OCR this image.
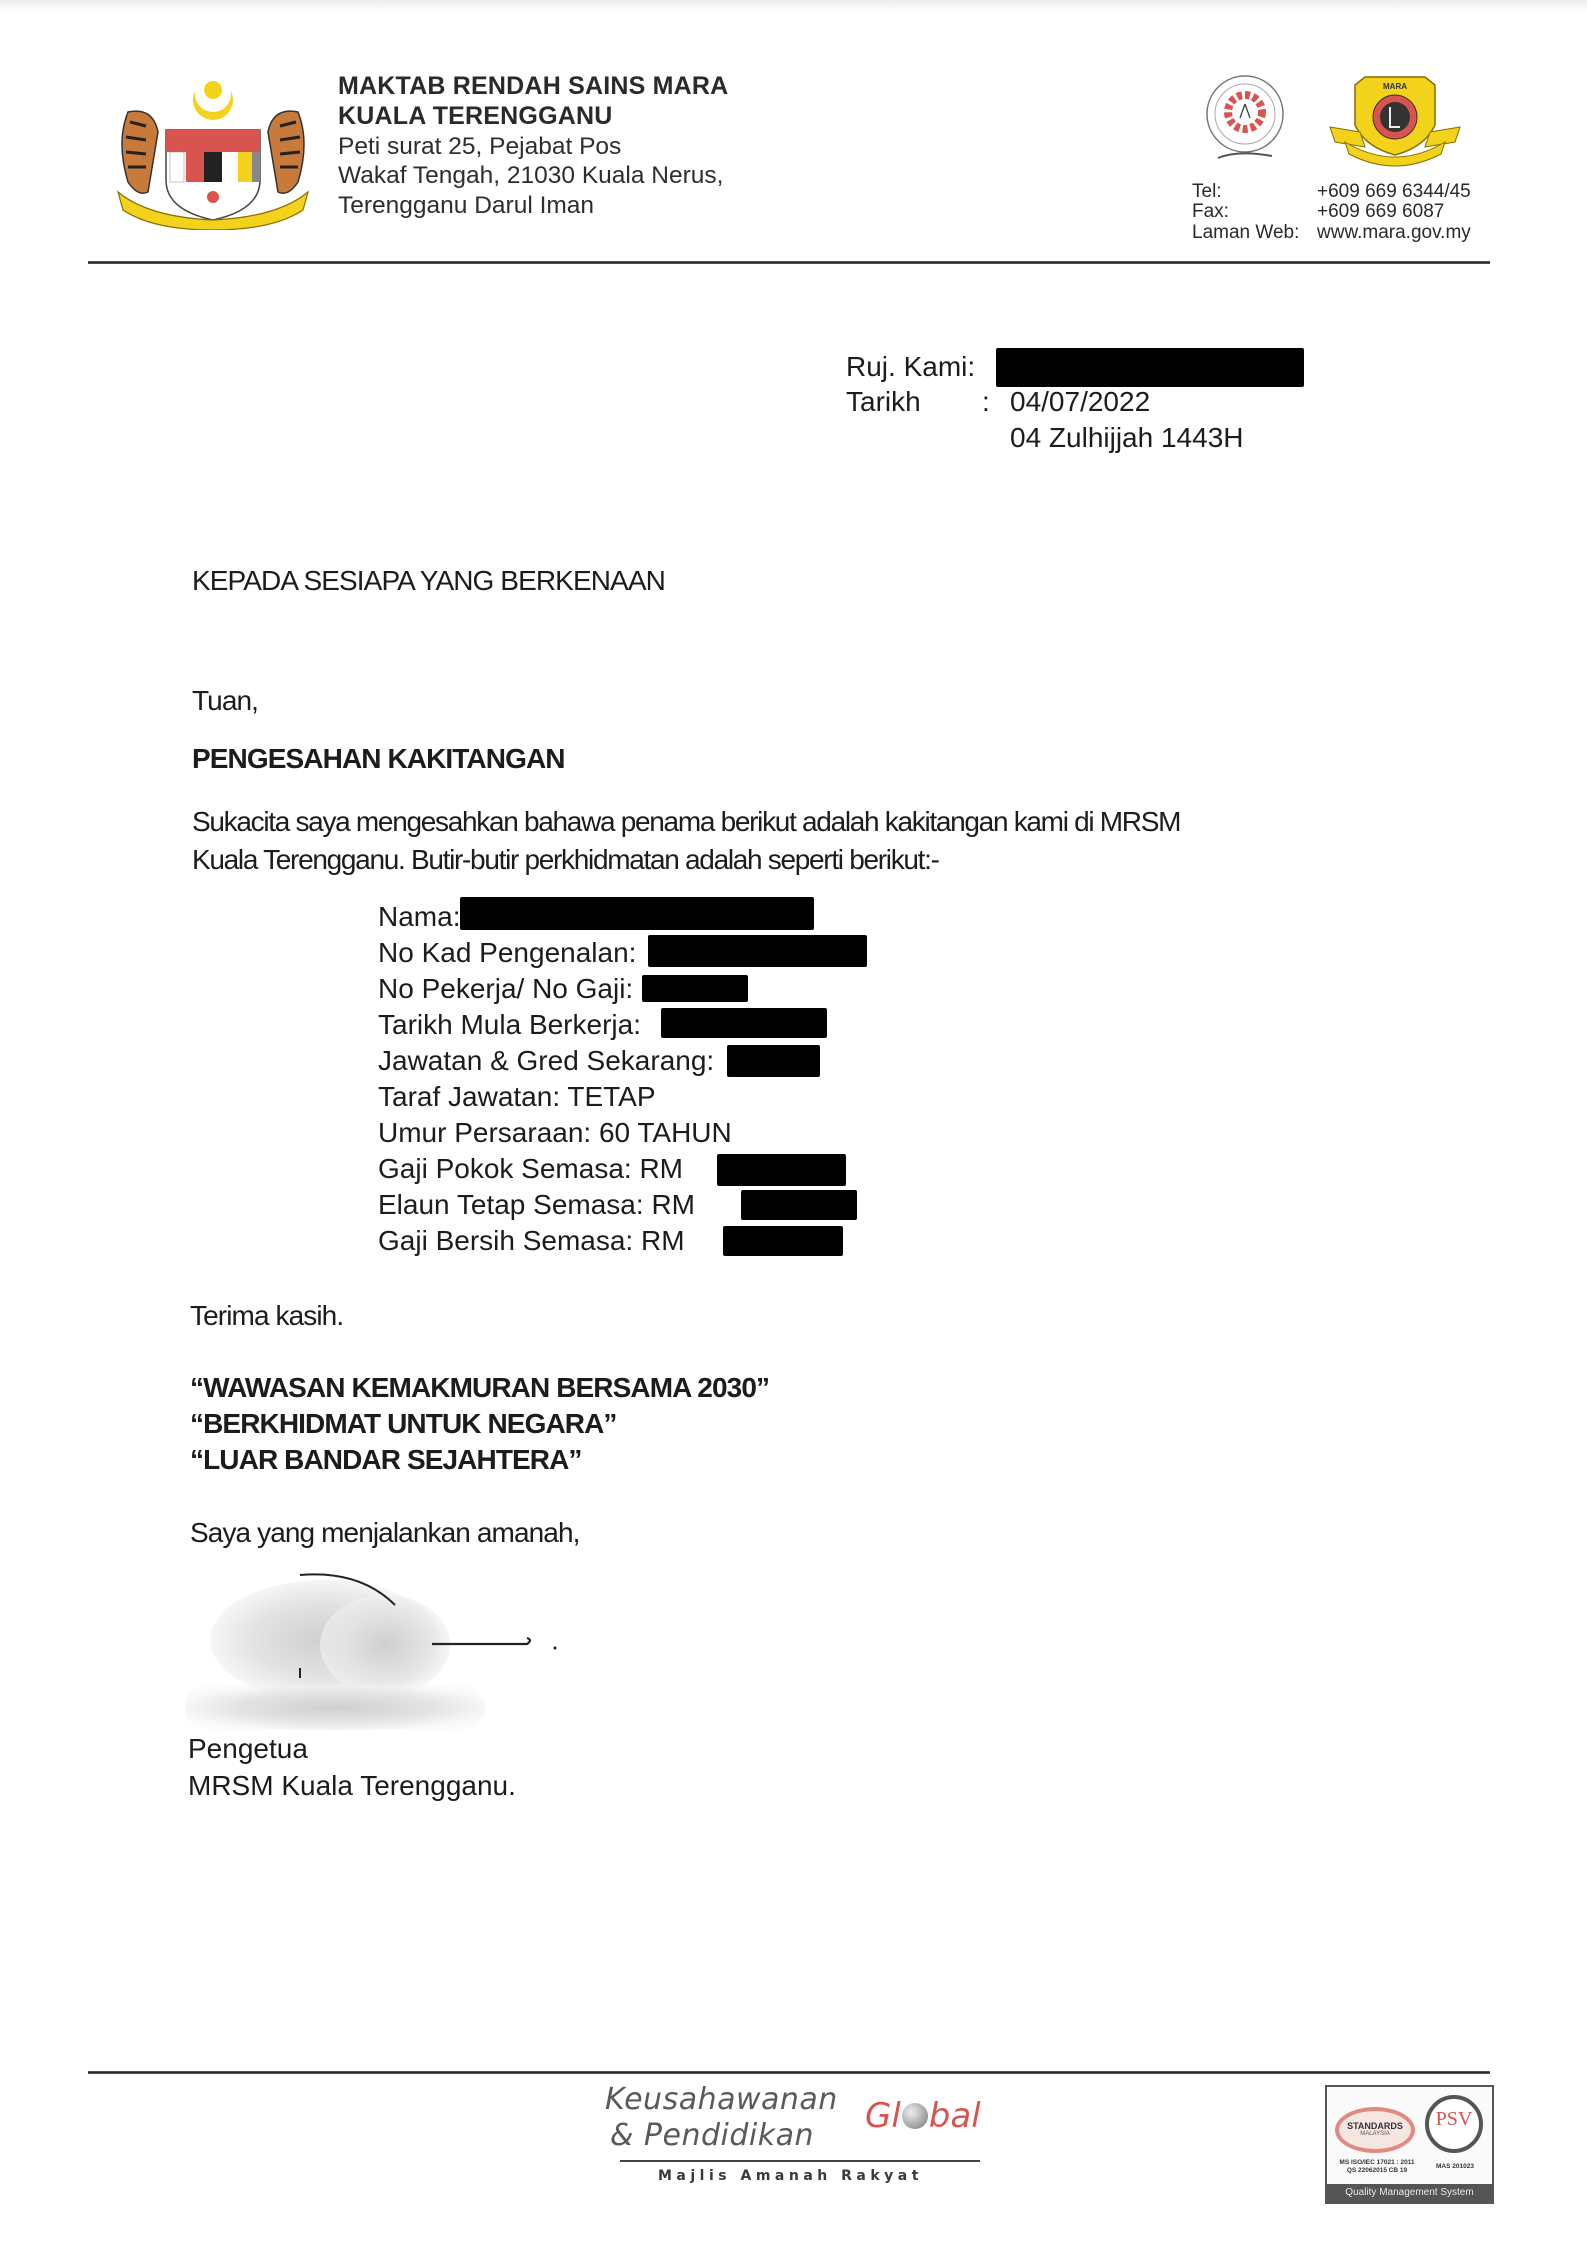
MAKTAB RENDAH SAINS MARA
KUALA TERENGGANU
Peti surat 25, Pejabat Pos
Wakaf Tengah, 21030 Kuala Nerus,
Terengganu Darul Iman
MARA
Tel:	+609 669 6344/45
Fax:	+609 669 6087
Laman Web: www.mara.gov.my
Ruj. Kami:
Tarikh : 04/07/2022
04 Zulhijjah 1443H
KEPADA SESIAPA YANG BERKENAAN
Tuan,
PENGESAHAN KAKITANGAN
Sukacita saya mengesahkan bahawa penama berikut adalah kakitangan kami di MRSM
Kuala Terengganu. Butir-butir perkhidmatan adalah seperti berikut:-
Nama:
No Kad Pengenalan:
No Pekerja/ No Gaji:
Tarikh Mula Berkerja:
Jawatan & Gred Sekarang:
Taraf Jawatan: TETAP
Umur Persaraan: 60 TAHUN
Gaji Pokok Semasa: RM
Elaun Tetap Semasa: RM
Gaji Bersih Semasa: RM
Terima kasih.
“WAWASAN KEMAKMURAN BERSAMA 2030”
“BERKHIDMAT UNTUK NEGARA”
“LUAR BANDAR SEJAHTERA”
Saya yang menjalankan amanah,
Pengetua
MRSM Kuala Terengganu.
Keusahawanan
& Pendidikan Gl bal
Majlis Amanah Rakyat
STANDARDS
MALAYSIA
PSV
MS ISO/IEC 17021 : 2011
QS 22062015 CB 19
MAS 201023
Quality Management System
